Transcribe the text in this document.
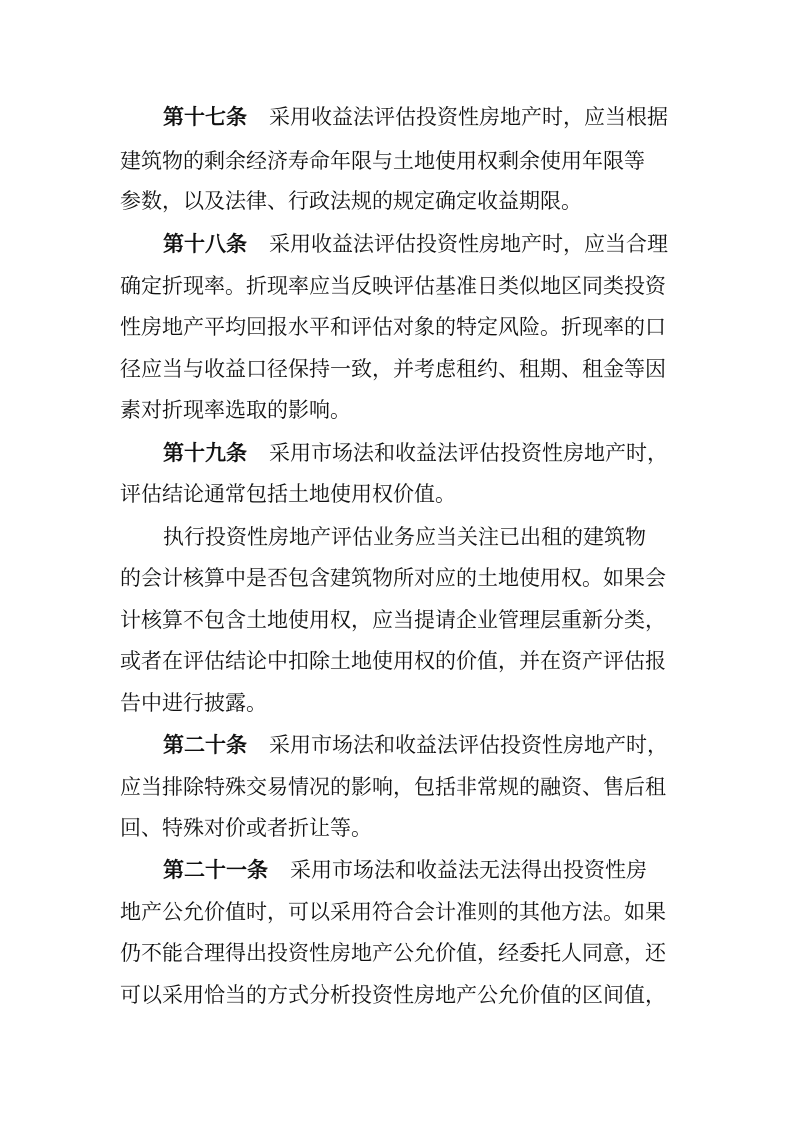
第十七条 采用收益法评估投资性房地产时，应当根据
建筑物的剩余经济寿命年限与土地使用权剩余使用年限等
参数，以及法律、行政法规的规定确定收益期限。
第十八条 采用收益法评估投资性房地产时，应当合理
确定折现率。折现率应当反映评估基准日类似地区同类投资
性房地产平均回报水平和评估对象的特定风险。折现率的口
径应当与收益口径保持一致，并考虑租约、租期、租金等因
素对折现率选取的影响。
第十九条 采用市场法和收益法评估投资性房地产时，
评估结论通常包括土地使用权价值。
执行投资性房地产评估业务应当关注已出租的建筑物
的会计核算中是否包含建筑物所对应的土地使用权。如果会
计核算不包含土地使用权，应当提请企业管理层重新分类，
或者在评估结论中扣除土地使用权的价值，并在资产评估报
告中进行披露。
第二十条 采用市场法和收益法评估投资性房地产时，
应当排除特殊交易情况的影响，包括非常规的融资、售后租
回、特殊对价或者折让等。
第二十一条 采用市场法和收益法无法得出投资性房
地产公允价值时，可以采用符合会计准则的其他方法。如果
仍不能合理得出投资性房地产公允价值，经委托人同意，还
可以采用恰当的方式分析投资性房地产公允价值的区间值，
